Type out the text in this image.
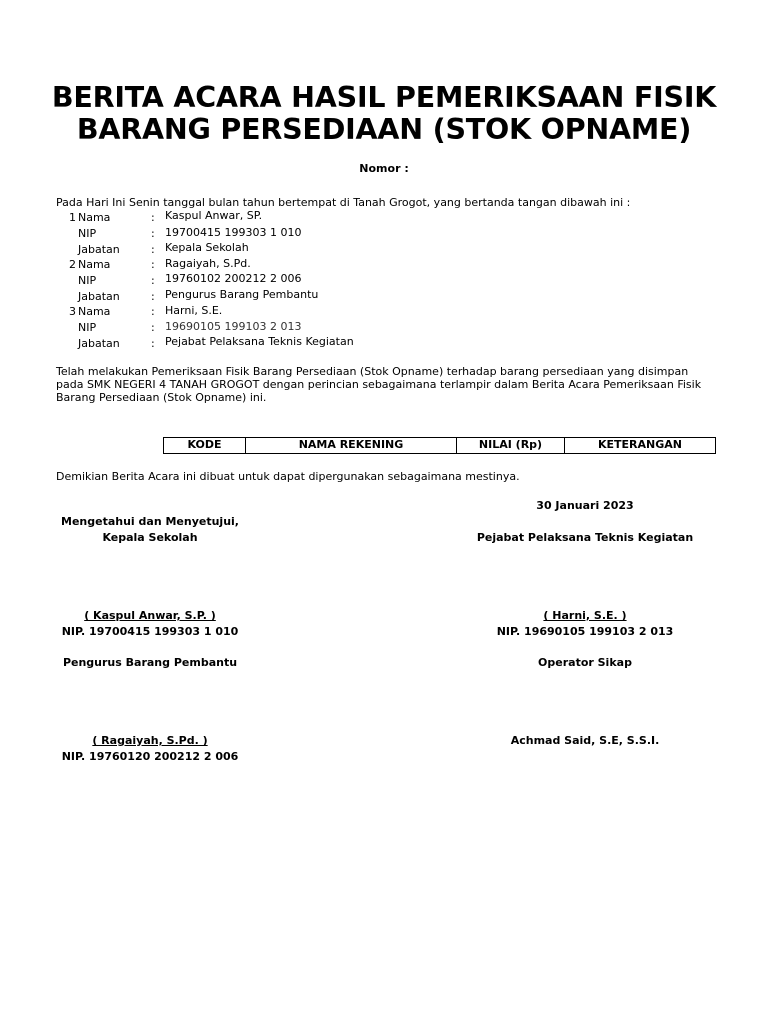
BERITA ACARA HASIL PEMERIKSAAN FISIK
BARANG PERSEDIAAN (STOK OPNAME)
Nomor :
Pada Hari Ini Senin tanggal bulan tahun bertempat di Tanah Grogot, yang bertanda tangan dibawah ini :
1 Nama	: Kaspul Anwar, SP.
NIP	: 19700415 199303 1 010
Jabatan	: Kepala Sekolah
2 Nama	: Ragaiyah, S.Pd.
NIP	: 19760102 200212 2 006
Jabatan	: Pengurus Barang Pembantu
3 Nama	: Harni, S.E.
NIP	: 19690105 199103 2 013
Jabatan	: Pejabat Pelaksana Teknis Kegiatan
Telah melakukan Pemeriksaan Fisik Barang Persediaan (Stok Opname) terhadap barang persediaan yang disimpan pada SMK NEGERI 4 TANAH GROGOT dengan perincian sebagaimana terlampir dalam Berita Acara Pemeriksaan Fisik Barang Persediaan (Stok Opname) ini.
KODE	NAMA REKENING	NILAI (Rp)	KETERANGAN
Demikian Berita Acara ini dibuat untuk dapat dipergunakan sebagaimana mestinya.
30 Januari 2023
Mengetahui dan Menyetujui,
Kepala Sekolah
( Kaspul Anwar, S.P. )
NIP. 19700415 199303 1 010
Pejabat Pelaksana Teknis Kegiatan
( Harni, S.E. )
NIP. 19690105 199103 2 013
Pengurus Barang Pembantu
( Ragaiyah, S.Pd. )
NIP. 19760120 200212 2 006
Operator Sikap
Achmad Said, S.E, S.S.I.
